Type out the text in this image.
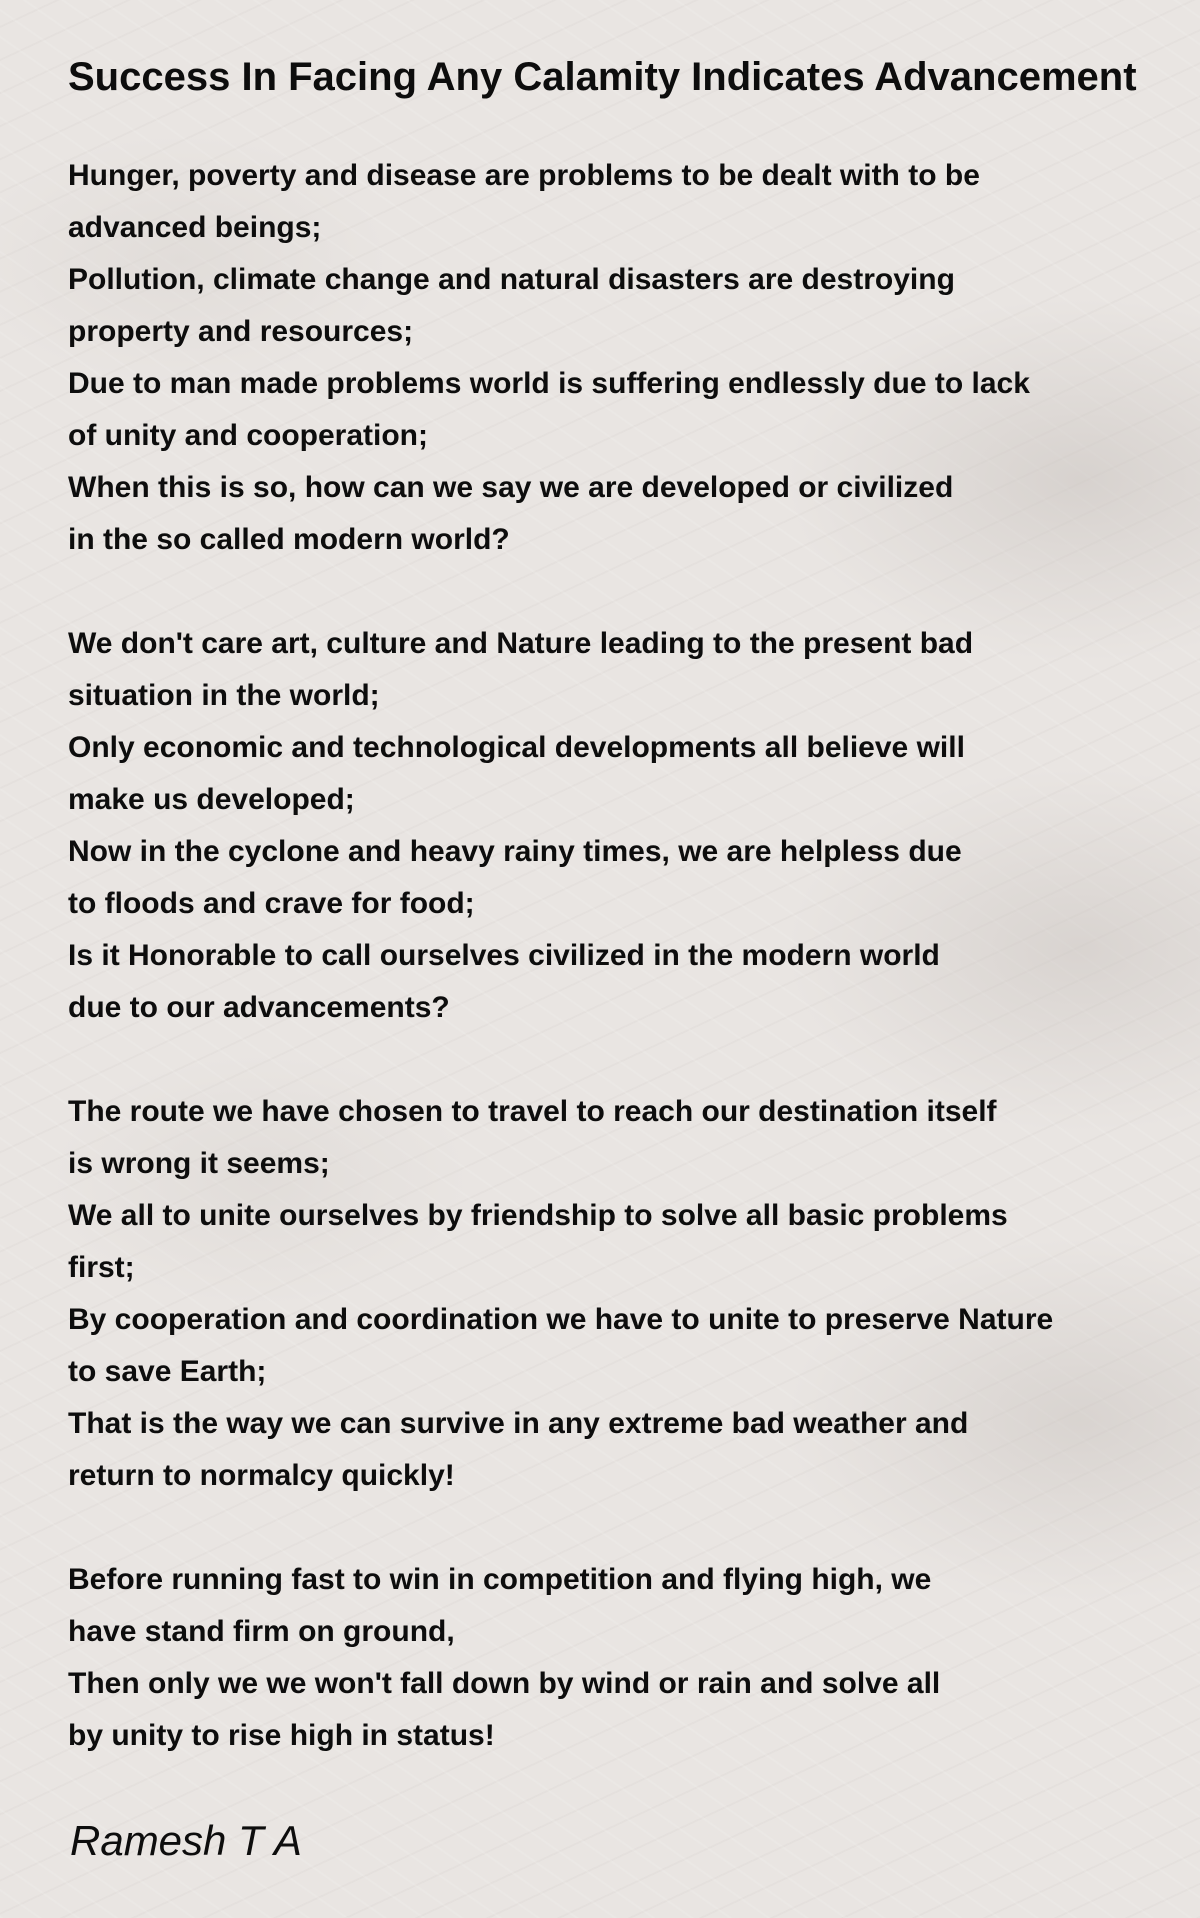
Success In Facing Any Calamity Indicates Advancement
Hunger, poverty and disease are problems to be dealt with to be
advanced beings;
Pollution, climate change and natural disasters are destroying
property and resources;
Due to man made problems world is suffering endlessly due to lack
of unity and cooperation;
When this is so, how can we say we are developed or civilized
in the so called modern world?
We don't care art, culture and Nature leading to the present bad
situation in the world;
Only economic and technological developments all believe will
make us developed;
Now in the cyclone and heavy rainy times, we are helpless due
to floods and crave for food;
Is it Honorable to call ourselves civilized in the modern world
due to our advancements?
The route we have chosen to travel to reach our destination itself
is wrong it seems;
We all to unite ourselves by friendship to solve all basic problems
first;
By cooperation and coordination we have to unite to preserve Nature
to save Earth;
That is the way we can survive in any extreme bad weather and
return to normalcy quickly!
Before running fast to win in competition and flying high, we
have stand firm on ground,
Then only we we won't fall down by wind or rain and solve all
by unity to rise high in status!

Ramesh T A
